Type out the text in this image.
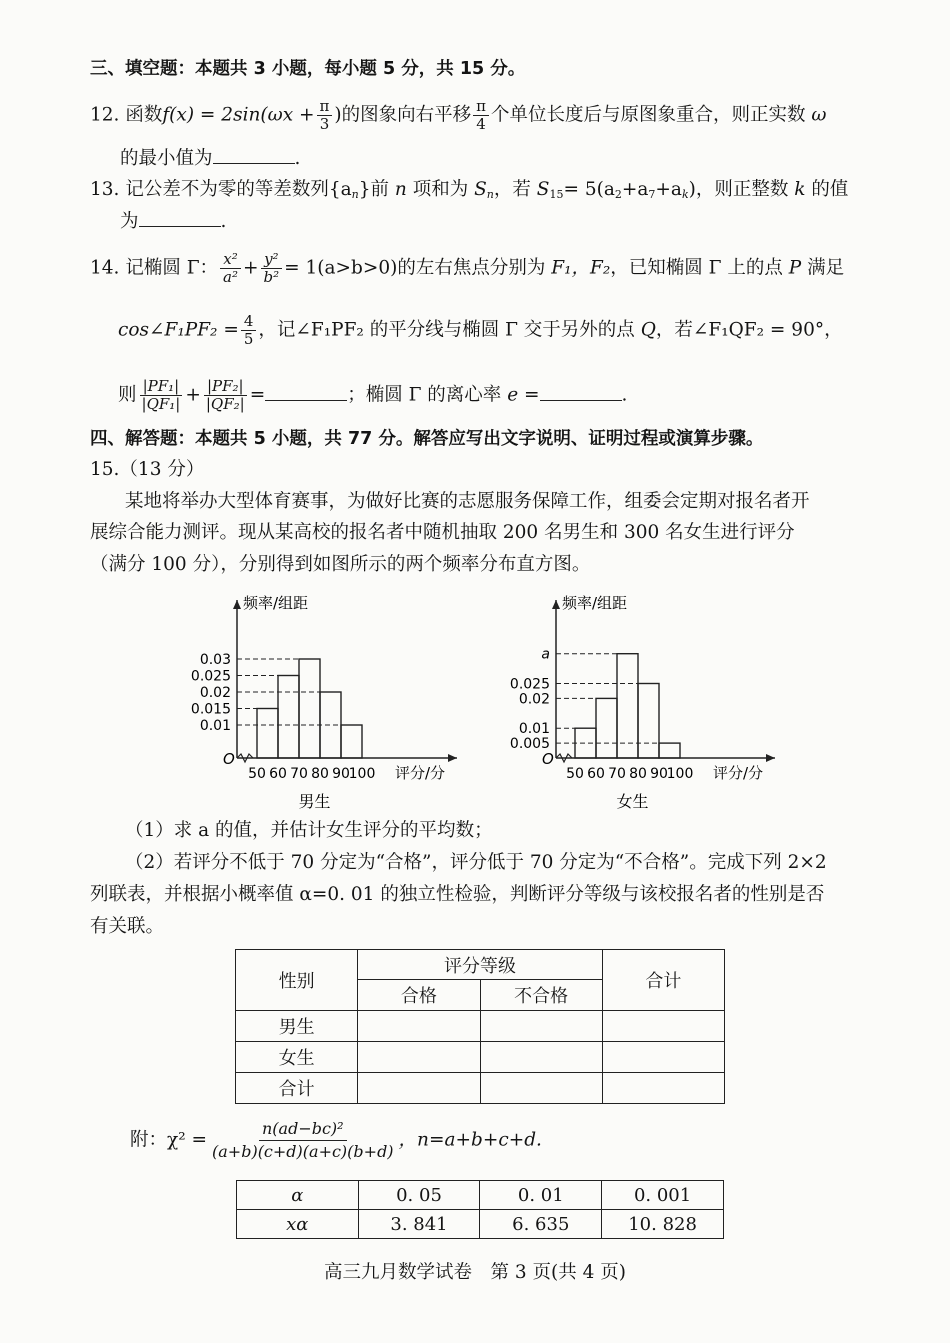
三、填空题：本题共 3 小题，每小题 5 分，共 15 分。
12. 函数$f(x) = 2\sin(\omega x + \frac{\pi}{3}$ )的图象向右平移 $\frac{\pi}{4}$ 个单位长度后与原图象重合，则正实数 ω
的最小值为	.
13. 记公差不为零的等差数列$\{a_n\}$前 n 项和为 $S_n$，若 $S_{15}= 5(a_2+a_7+a_k)$，则正整数 k 的值
为	.
14. 记椭圆 Γ： $\frac{\text{x²}}{\text{a²}} + \frac{\text{y²}}{\text{b²}} = 1(a>b>0)$的左右焦点分别为 F₁，F₂，已知椭圆 Γ 上的点 P 满足
cos∠F₁PF₂ = $\frac{4}{5}$ ，记∠F₁PF₂ 的平分线与椭圆 Γ 交于另外的点 Q，若∠F₁QF₂ = 90°，
则 $\frac{\text{|PF₁|}}{\text{|QF₁|}} + \frac{\text{|PF₂|}}{\text{|QF₂|}}$ =	；椭圆 Γ 的离心率 e =	.
四、解答题：本题共 5 小题，共 77 分。解答应写出文字说明、证明过程或演算步骤。
15.（13 分）
某地将举办大型体育赛事，为做好比赛的志愿服务保障工作，组委会定期对报名者开
展综合能力测评。现从某高校的报名者中随机抽取 200 名男生和 300 名女生进行评分
（满分 100 分），分别得到如图所示的两个频率分布直方图。
频率/组距
O
0.01
0.015
0.02
0.025
0.03
50 60 70 80 90
100 评分/分
男生
频率/组距
O
0.005
0.01
0.02
0.025
a
50 60 70 80 90
100 评分/分
女生
（1）求 a 的值，并估计女生评分的平均数；
（2）若评分不低于 70 分定为“合格”，评分低于 70 分定为“不合格”。完成下列 2×2
列联表，并根据小概率值 α=0. 01 的独立性检验，判断评分等级与该校报名者的性别是否
有关联。
性别	评分等级		合计
	合格	不合格	
男生			
女生			
合计			
附：$\chi^2 = \frac{\text{n(ad−bc)²}}{(a+b)(c+d)(a+c)(b+d)}$ ，n=a+b+c+d.
α	0. 05	0. 01	0. 001
xα	3. 841	6. 635	10. 828
高三九月数学试卷　第 3 页(共 4 页)
